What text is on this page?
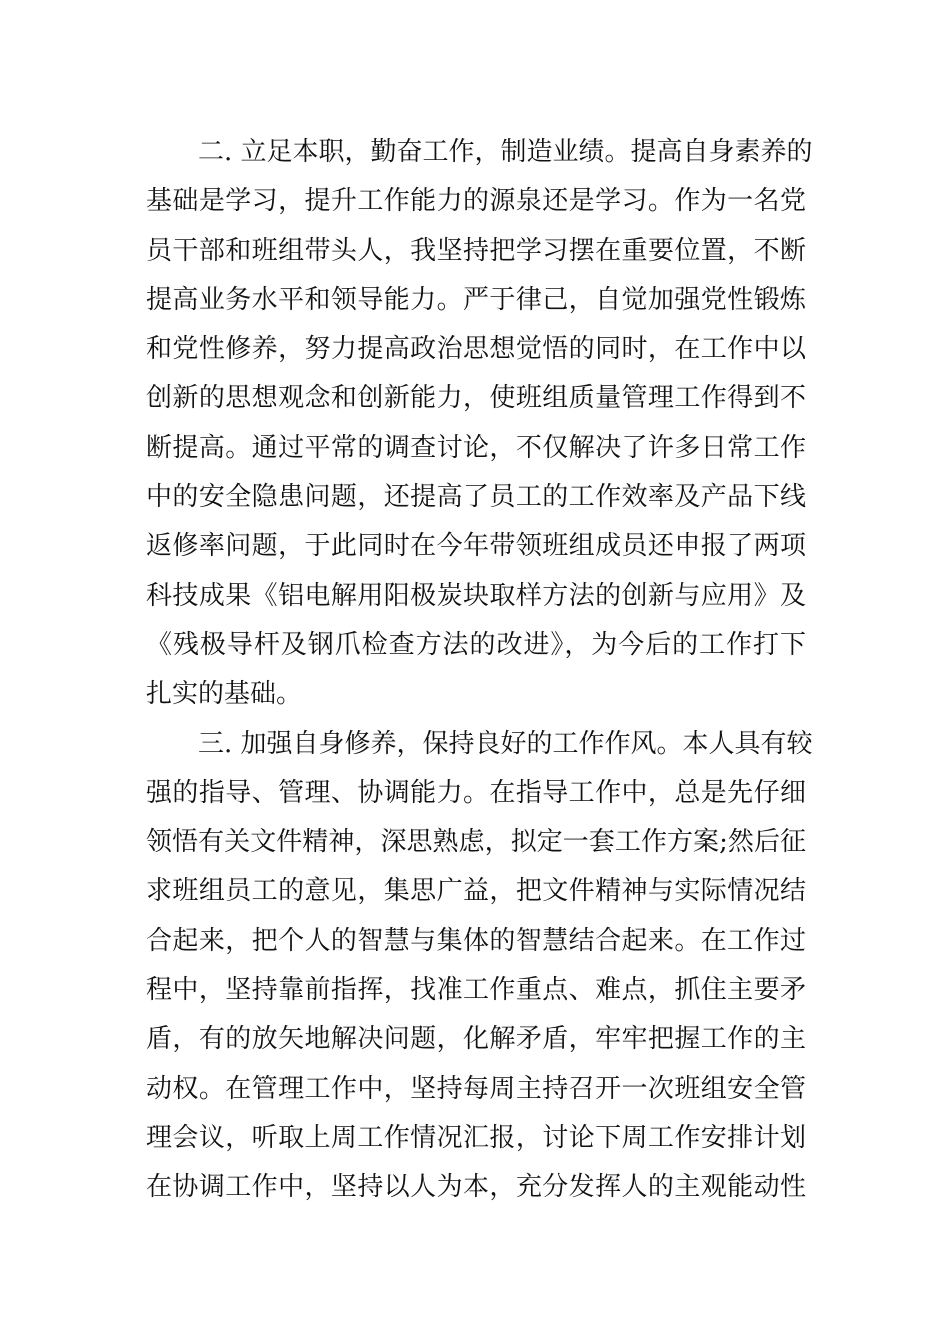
二. 立足本职，勤奋工作，制造业绩。提高自身素养的
基础是学习，提升工作能力的源泉还是学习。作为一名党
员干部和班组带头人，我坚持把学习摆在重要位置，不断
提高业务水平和领导能力。严于律己，自觉加强党性锻炼
和党性修养，努力提高政治思想觉悟的同时，在工作中以
创新的思想观念和创新能力，使班组质量管理工作得到不
断提高。通过平常的调查讨论，不仅解决了许多日常工作
中的安全隐患问题，还提高了员工的工作效率及产品下线
返修率问题，于此同时在今年带领班组成员还申报了两项
科技成果《铝电解用阳极炭块取样方法的创新与应用》及
《残极导杆及钢爪检查方法的改进》，为今后的工作打下
扎实的基础。
三. 加强自身修养，保持良好的工作作风。本人具有较
强的指导、管理、协调能力。在指导工作中，总是先仔细
领悟有关文件精神，深思熟虑，拟定一套工作方案;然后征
求班组员工的意见，集思广益，把文件精神与实际情况结
合起来，把个人的智慧与集体的智慧结合起来。在工作过
程中，坚持靠前指挥，找准工作重点、难点，抓住主要矛
盾，有的放矢地解决问题，化解矛盾，牢牢把握工作的主
动权。在管理工作中，坚持每周主持召开一次班组安全管
理会议，听取上周工作情况汇报，讨论下周工作安排计划
在协调工作中，坚持以人为本，充分发挥人的主观能动性
